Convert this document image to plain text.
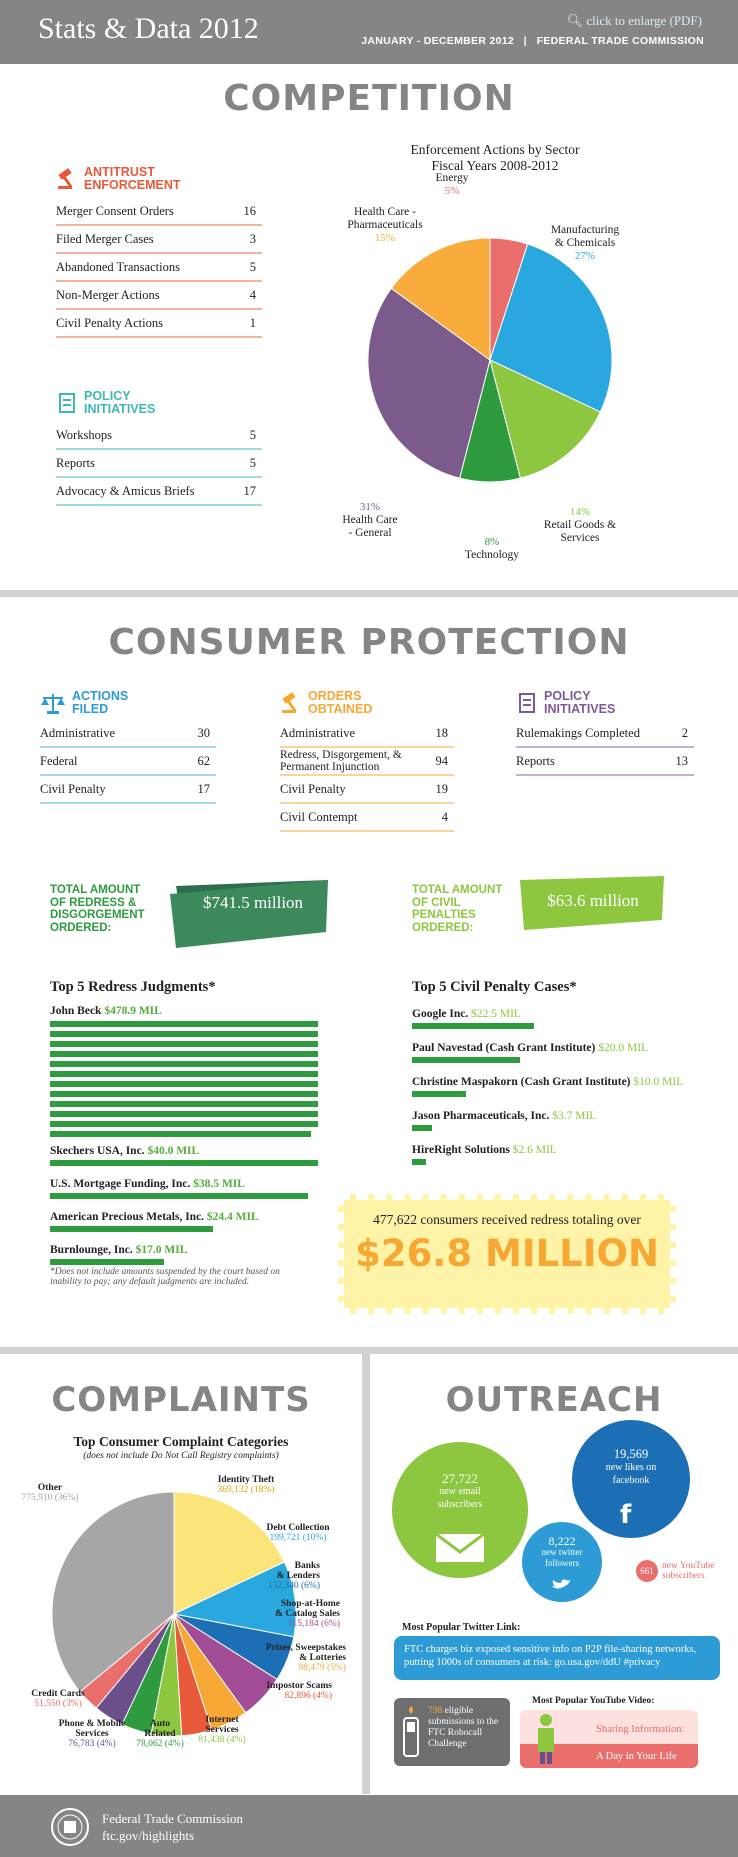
Stats & Data 2012	🔍︎ click to enlarge (PDF)
JANUARY - DECEMBER 2012   |   FEDERAL TRADE COMMISSION
COMPETITION
ANTITRUST
ENFORCEMENT
Merger Consent Orders	16
Filed Merger Cases	3
Abandoned Transactions	5
Non-Merger Actions	4
Civil Penalty Actions	1
POLICY
INITIATIVES
Workshops	5
Reports	5
Advocacy & Amicus Briefs	17
Enforcement Actions by Sector
Fiscal Years 2008-2012
Energy
5%
Manufacturing
& Chemicals
27%
14%
Retail Goods &
Services
8%
Technology
31%
Health Care
- General
Health Care -
Pharmaceuticals
15%
CONSUMER PROTECTION
ACTIONS
FILED
Administrative	30
Federal	62
Civil Penalty	17
ORDERS
OBTAINED
Administrative	18
Redress, Disgorgement, & Permanent Injunction	94
Civil Penalty	19
Civil Contempt	4
POLICY
INITIATIVES
Rulemakings Completed	2
Reports	13
TOTAL AMOUNT
OF REDRESS &
DISGORGEMENT
ORDERED:
$741.5 million
TOTAL AMOUNT
OF CIVIL
PENALTIES
ORDERED:
$63.6 million
Top 5 Redress Judgments*
John Beck $478.9 MIL
Skechers USA, Inc. $40.0 MIL
U.S. Mortgage Funding, Inc. $38.5 MIL
American Precious Metals, Inc. $24.4 MIL
Burnlounge, Inc. $17.0 MIL
*Does not include amounts suspended by the court based on inability to pay; any default judgments are included.
Top 5 Civil Penalty Cases*
Google Inc. $22.5 MIL
Paul Navestad (Cash Grant Institute) $20.0 MIL
Christine Maspakorn (Cash Grant Institute) $10.0 MIL
Jason Pharmaceuticals, Inc. $3.7 MIL
HireRight Solutions $2.6 MIL
477,622 consumers received redress totaling over
$26.8 MILLION
COMPLAINTS
Top Consumer Complaint Categories
(does not include Do Not Call Registry complaints)
Identity Theft
369,132 (18%)
Debt Collection
199,721 (10%)
Banks
& Lenders
132,340 (6%)
Shop-at-Home
& Catalog Sales
115,184 (6%)
Prizes, Sweepstakes
& Lotteries
98,479 (5%)
Impostor Scams
82,896 (4%)
Internet
Services
81,438 (4%)
Auto
Related
78,062 (4%)
Phone & Mobile
Services
76,783 (4%)
Credit Cards
51,550 (3%)
Other
775,910 (36%)
OUTREACH
27,722
new email subscribers
19,569
new likes on facebook
f
8,222
new twitter followers
661 new YouTube subscribers
Most Popular Twitter Link:
FTC charges biz exposed sensitive info on P2P file-sharing networks, putting 1000s of consumers at risk: go.usa.gov/ddU #privacy
798 eligible submissions to the FTC Robocall Challenge
Most Popular YouTube Video:
Sharing Information:
A Day in Your Life
Federal Trade Commission
ftc.gov/highlights
